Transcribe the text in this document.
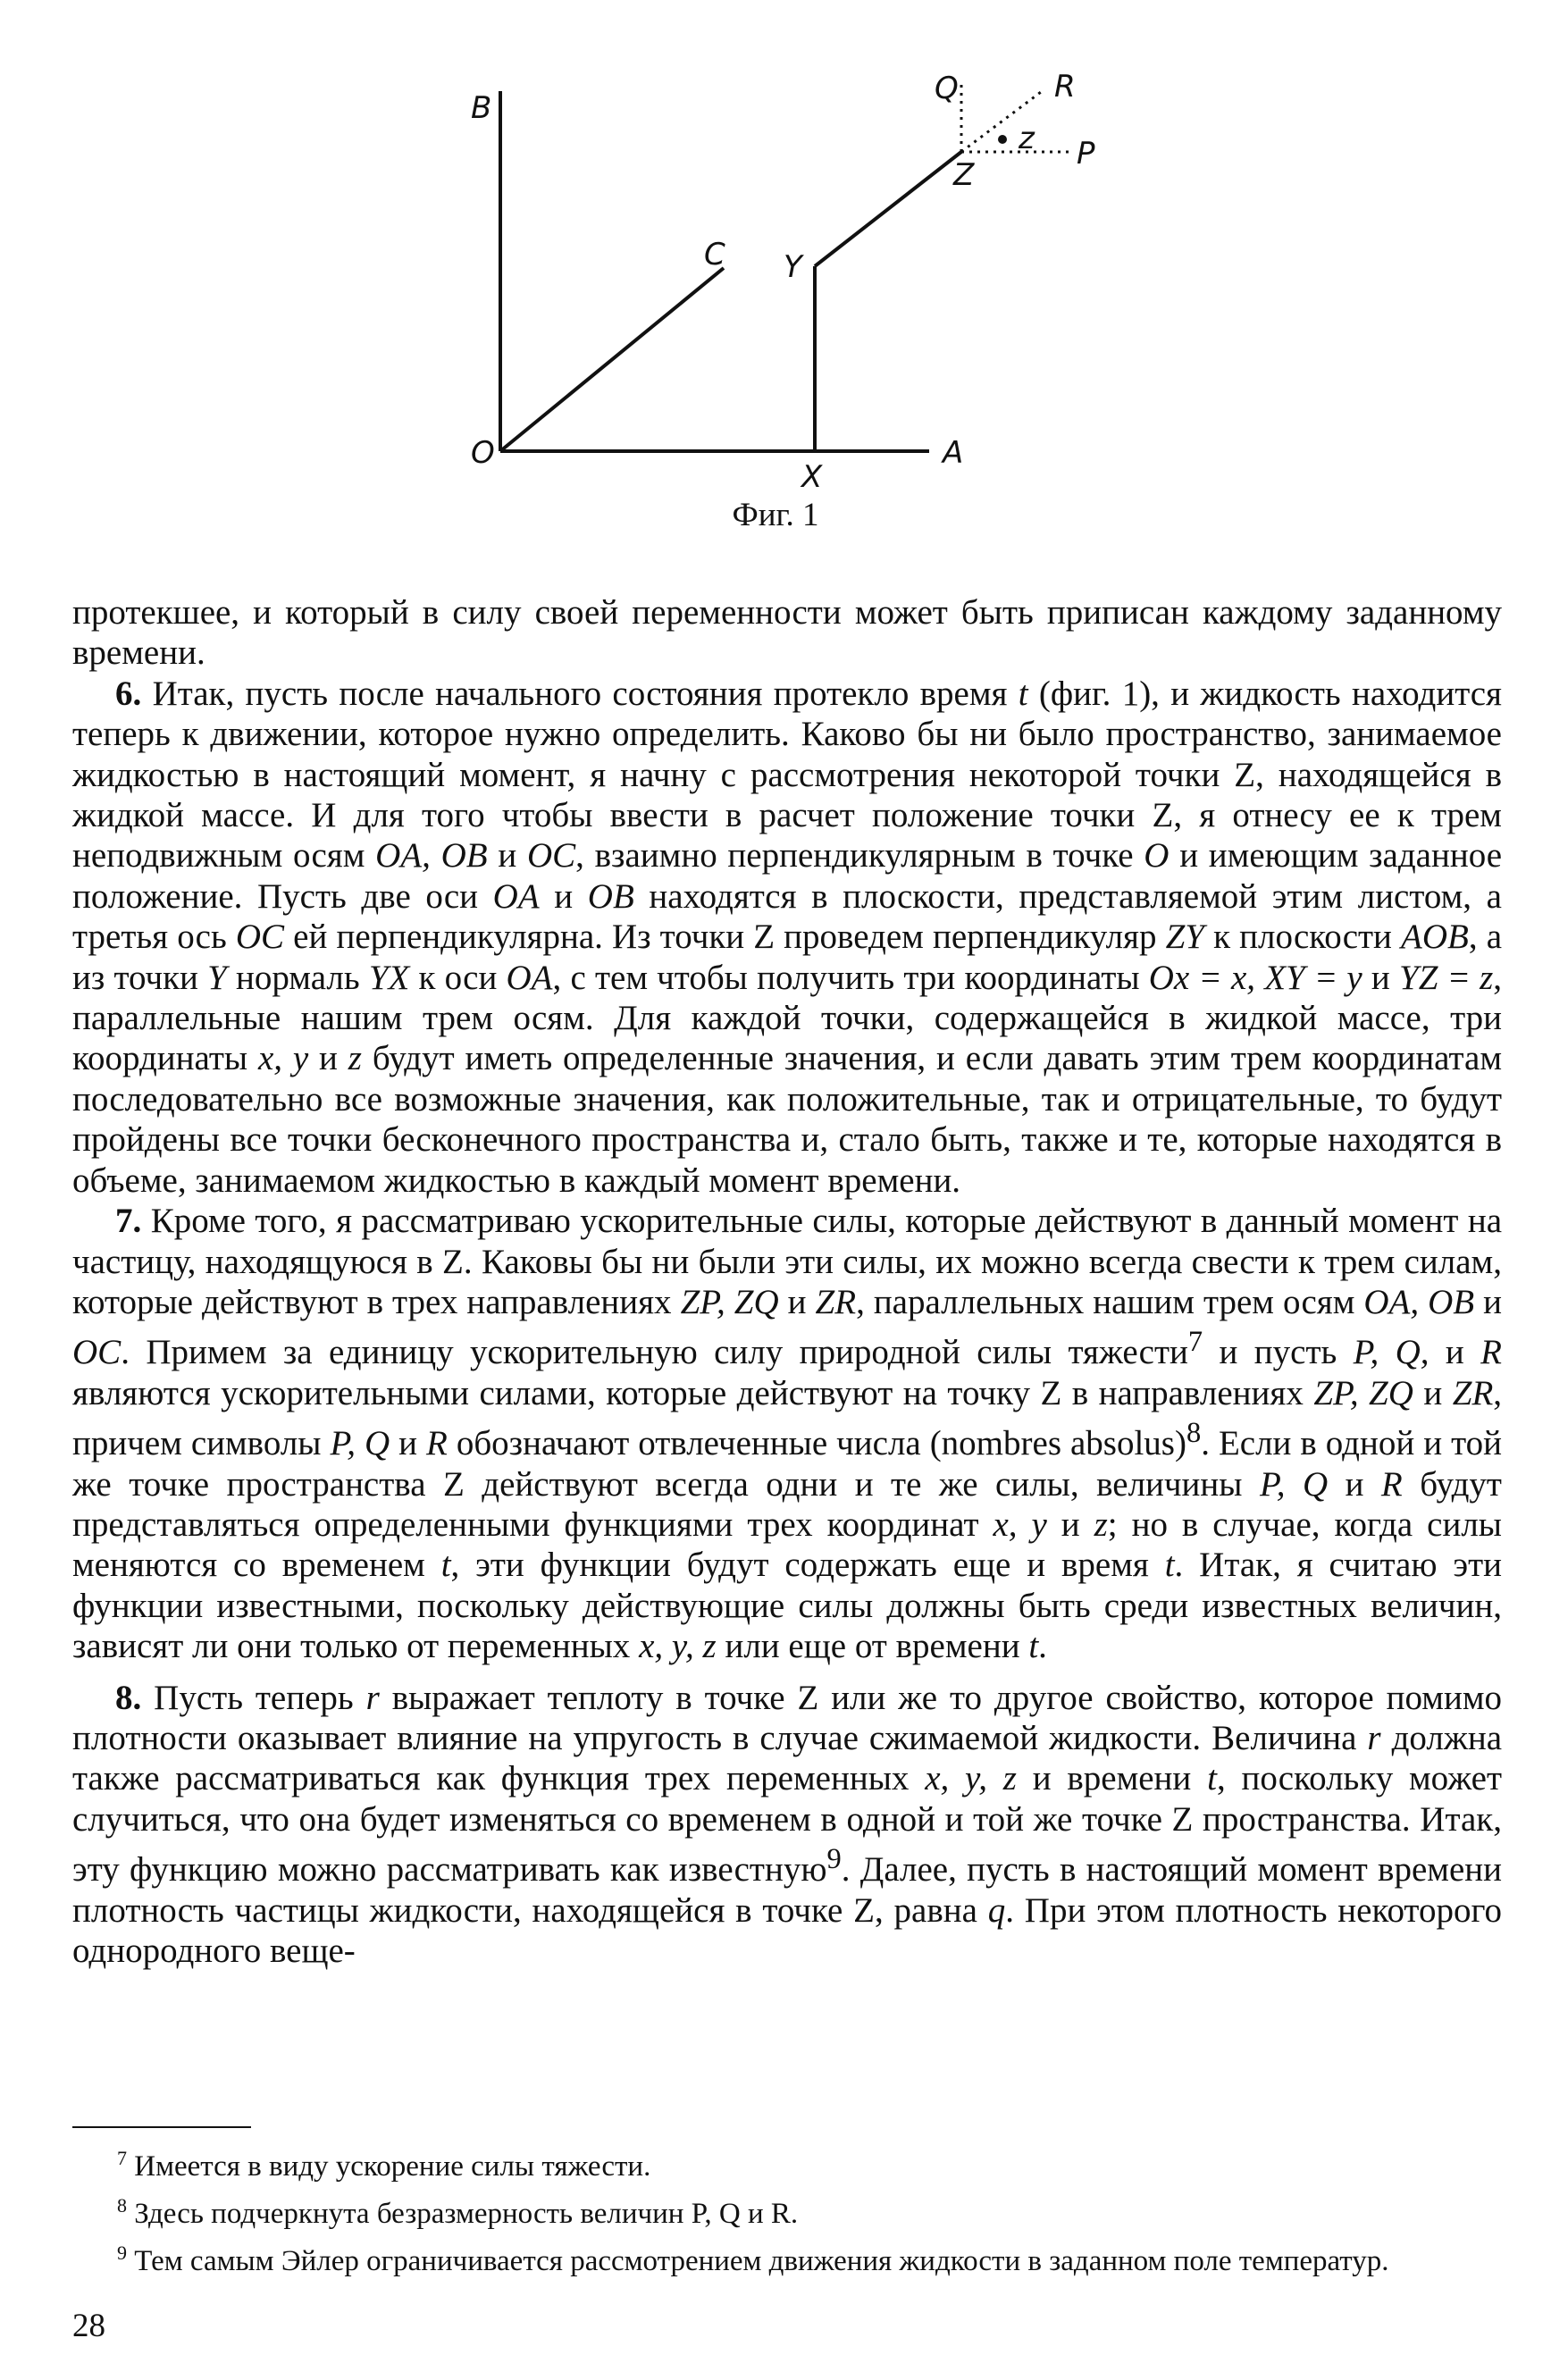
B
O
C Y
X
A
Q	R
z P
Z
Фиг. 1

протекшее, и который в силу своей переменности может быть приписан каждому заданному времени.

6. Итак, пусть после начального состояния протекло время t (фиг. 1), и жидкость находится теперь к движении, которое нужно определить. Каково бы ни было пространство, занимаемое жидкостью в настоящий момент, я начну с рассмотрения некоторой точки Z, находящейся в жидкой массе. И для того чтобы ввести в расчет положение точки Z, я отнесу ее к трем неподвижным осям OA, OB и OC, взаимно перпендикулярным в точке O и имеющим заданное положение. Пусть две оси OA и OB находятся в плоскости, представляемой этим листом, а третья ось OC ей перпендикулярна. Из точки Z проведем перпендикуляр ZY к плоскости AOB, а из точки Y нормаль YX к оси OA, с тем чтобы получить три координаты Ox = x, XY = y и YZ = z, параллельные нашим трем осям. Для каждой точки, содержащейся в жидкой массе, три координаты x, y и z будут иметь определенные значения, и если давать этим трем координатам последовательно все возможные значения, как положительные, так и отрицательные, то будут пройдены все точки бесконечного пространства и, стало быть, также и те, которые находятся в объеме, занимаемом жидкостью в каждый момент времени.

7. Кроме того, я рассматриваю ускорительные силы, которые действуют в данный момент на частицу, находящуюся в Z. Каковы бы ни были эти силы, их можно всегда свести к трем силам, которые действуют в трех направлениях ZP, ZQ и ZR, параллельных нашим трем осям OA, OB и OC. Примем за единицу ускорительную силу природной силы тяжести$^7$ и пусть P, Q, и R являются ускорительными силами, которые действуют на точку Z в направлениях ZP, ZQ и ZR, причем символы P, Q и R обозначают отвлеченные числа (nombres absolus)$^8$. Если в одной и той же точке пространства Z действуют всегда одни и те же силы, величины P, Q и R будут представляться определенными функциями трех координат x, y и z; но в случае, когда силы меняются со временем t, эти функции будут содержать еще и время t. Итак, я считаю эти функции известными, поскольку действующие силы должны быть среди известных величин, зависят ли они только от переменных x, y, z или еще от времени t.

8. Пусть теперь r выражает теплоту в точке Z или же то другое свойство, которое помимо плотности оказывает влияние на упругость в случае сжимаемой жидкости. Величина r должна также рассматриваться как функция трех переменных x, y, z и времени t, поскольку может случиться, что она будет изменяться со временем в одной и той же точке Z пространства. Итак, эту функцию можно рассматривать как известную$^9$. Далее, пусть в настоящий момент времени плотность частицы жидкости, находящейся в точке Z, равна q. При этом плотность некоторого однородного веще-

$^7$ Имеется в виду ускорение силы тяжести.

$^8$ Здесь подчеркнута безразмерность величин P, Q и R.

$^9$ Тем самым Эйлер ограничивается рассмотрением движения жидкости в заданном поле температур.

28
